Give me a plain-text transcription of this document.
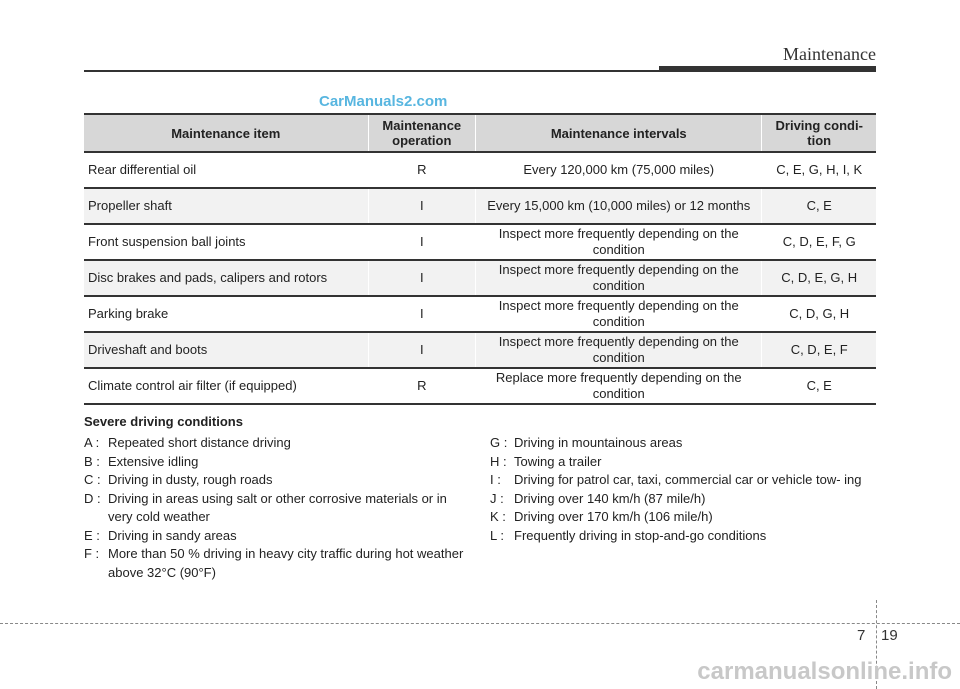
Maintenance
CarManuals2.com
Maintenance item	Maintenance operation	Maintenance intervals	Driving condi- tion
Rear differential oil	R	Every 120,000 km (75,000 miles)	C, E, G, H, I, K
Propeller shaft	I	Every 15,000 km (10,000 miles) or 12 months	C, E
Front suspension ball joints	I	Inspect more frequently depending on the condition	C, D, E, F, G
Disc brakes and pads, calipers and rotors	I	Inspect more frequently depending on the condition	C, D, E, G, H
Parking brake	I	Inspect more frequently depending on the condition	C, D, G, H
Driveshaft and boots	I	Inspect more frequently depending on the condition	C, D, E, F
Climate control air filter (if equipped)	R	Replace more frequently depending on the condition	C, E
Severe driving conditions
A : Repeated short distance driving
B : Extensive idling
C : Driving in dusty, rough roads
D : Driving in areas using salt or other corrosive materials or in very cold weather
E : Driving in sandy areas
F : More than 50 % driving in heavy city traffic during hot weather above 32°C (90°F)
G : Driving in mountainous areas
H : Towing a trailer
I :	Driving for patrol car, taxi, commercial car or vehicle tow- ing
J : Driving over 140 km/h (87 mile/h)
K : Driving over 170 km/h (106 mile/h)
L : Frequently driving in stop-and-go conditions
7 19
carmanualsonline.info
